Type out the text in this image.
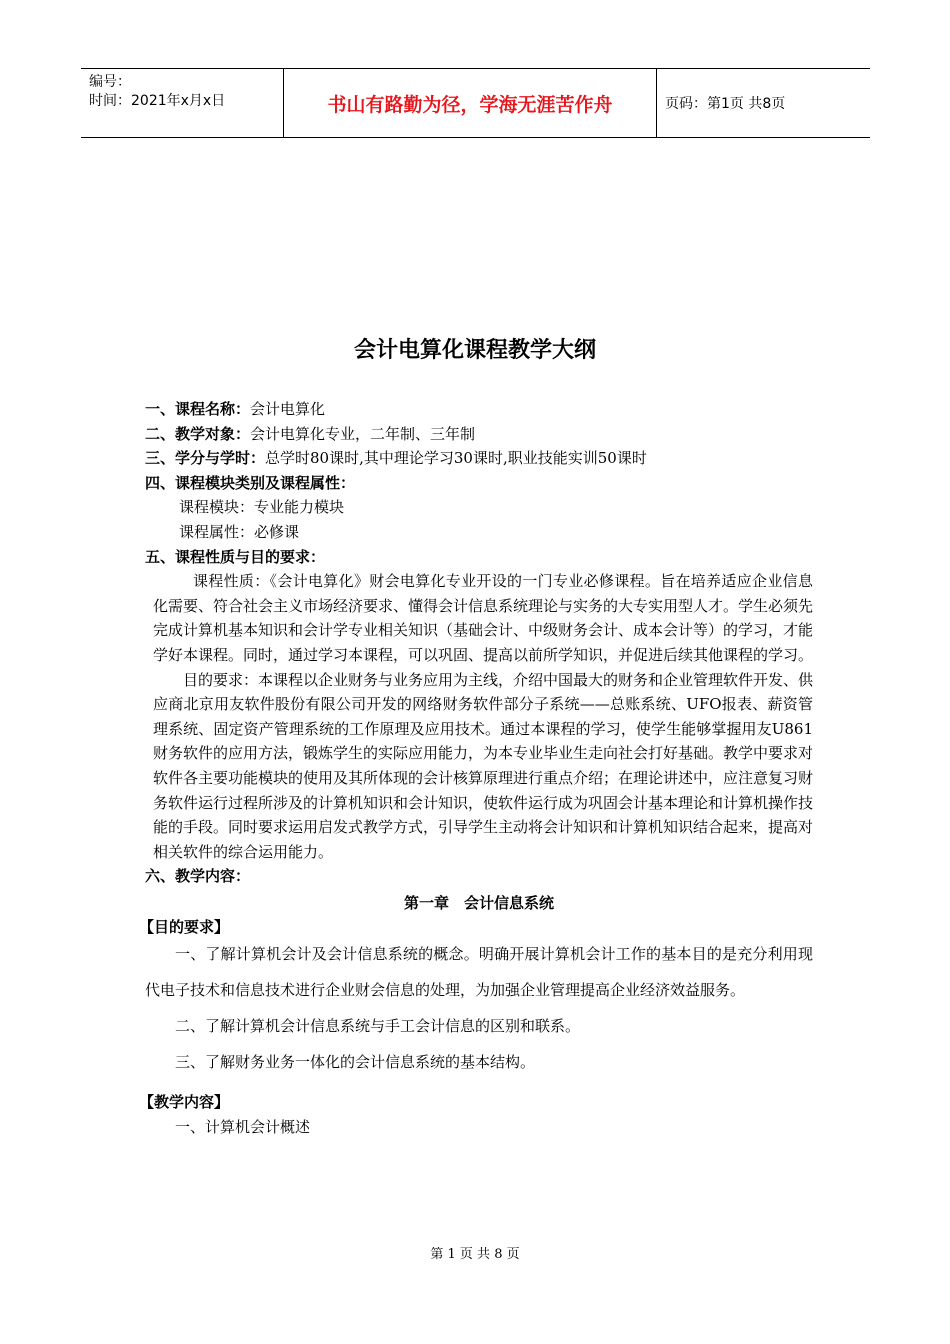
编号：
时间：2021年x月x日	书山有路勤为径，学海无涯苦作舟	页码：第1页 共8页
会计电算化课程教学大纲
一、课程名称：会计电算化
二、教学对象：会计电算化专业，二年制、三年制
三、学分与学时：总学时80课时,其中理论学习30课时,职业技能实训50课时
四、课程模块类别及课程属性：
课程模块：专业能力模块
课程属性：必修课
五、课程性质与目的要求：

课程性质：《会计电算化》财会电算化专业开设的一门专业必修课程。旨在培养适应企业信息化需要、符合社会主义市场经济要求、懂得会计信息系统理论与实务的大专实用型人才。学生必须先完成计算机基本知识和会计学专业相关知识（基础会计、中级财务会计、成本会计等）的学习，才能学好本课程。同时，通过学习本课程，可以巩固、提高以前所学知识，并促进后续其他课程的学习。

目的要求：本课程以企业财务与业务应用为主线，介绍中国最大的财务和企业管理软件开发、供应商北京用友软件股份有限公司开发的网络财务软件部分子系统——总账系统、UFO报表、薪资管理系统、固定资产管理系统的工作原理及应用技术。通过本课程的学习，使学生能够掌握用友U861财务软件的应用方法，锻炼学生的实际应用能力，为本专业毕业生走向社会打好基础。教学中要求对软件各主要功能模块的使用及其所体现的会计核算原理进行重点介绍；在理论讲述中，应注意复习财务软件运行过程所涉及的计算机知识和会计知识，使软件运行成为巩固会计基本理论和计算机操作技能的手段。同时要求运用启发式教学方式，引导学生主动将会计知识和计算机知识结合起来，提高对相关软件的综合运用能力。

六、教学内容：
第一章　会计信息系统
【目的要求】

一、了解计算机会计及会计信息系统的概念。明确开展计算机会计工作的基本目的是充分利用现代电子技术和信息技术进行企业财会信息的处理，为加强企业管理提高企业经济效益服务。

二、了解计算机会计信息系统与手工会计信息的区别和联系。

三、了解财务业务一体化的会计信息系统的基本结构。

【教学内容】
一、计算机会计概述
第 1 页 共 8 页
